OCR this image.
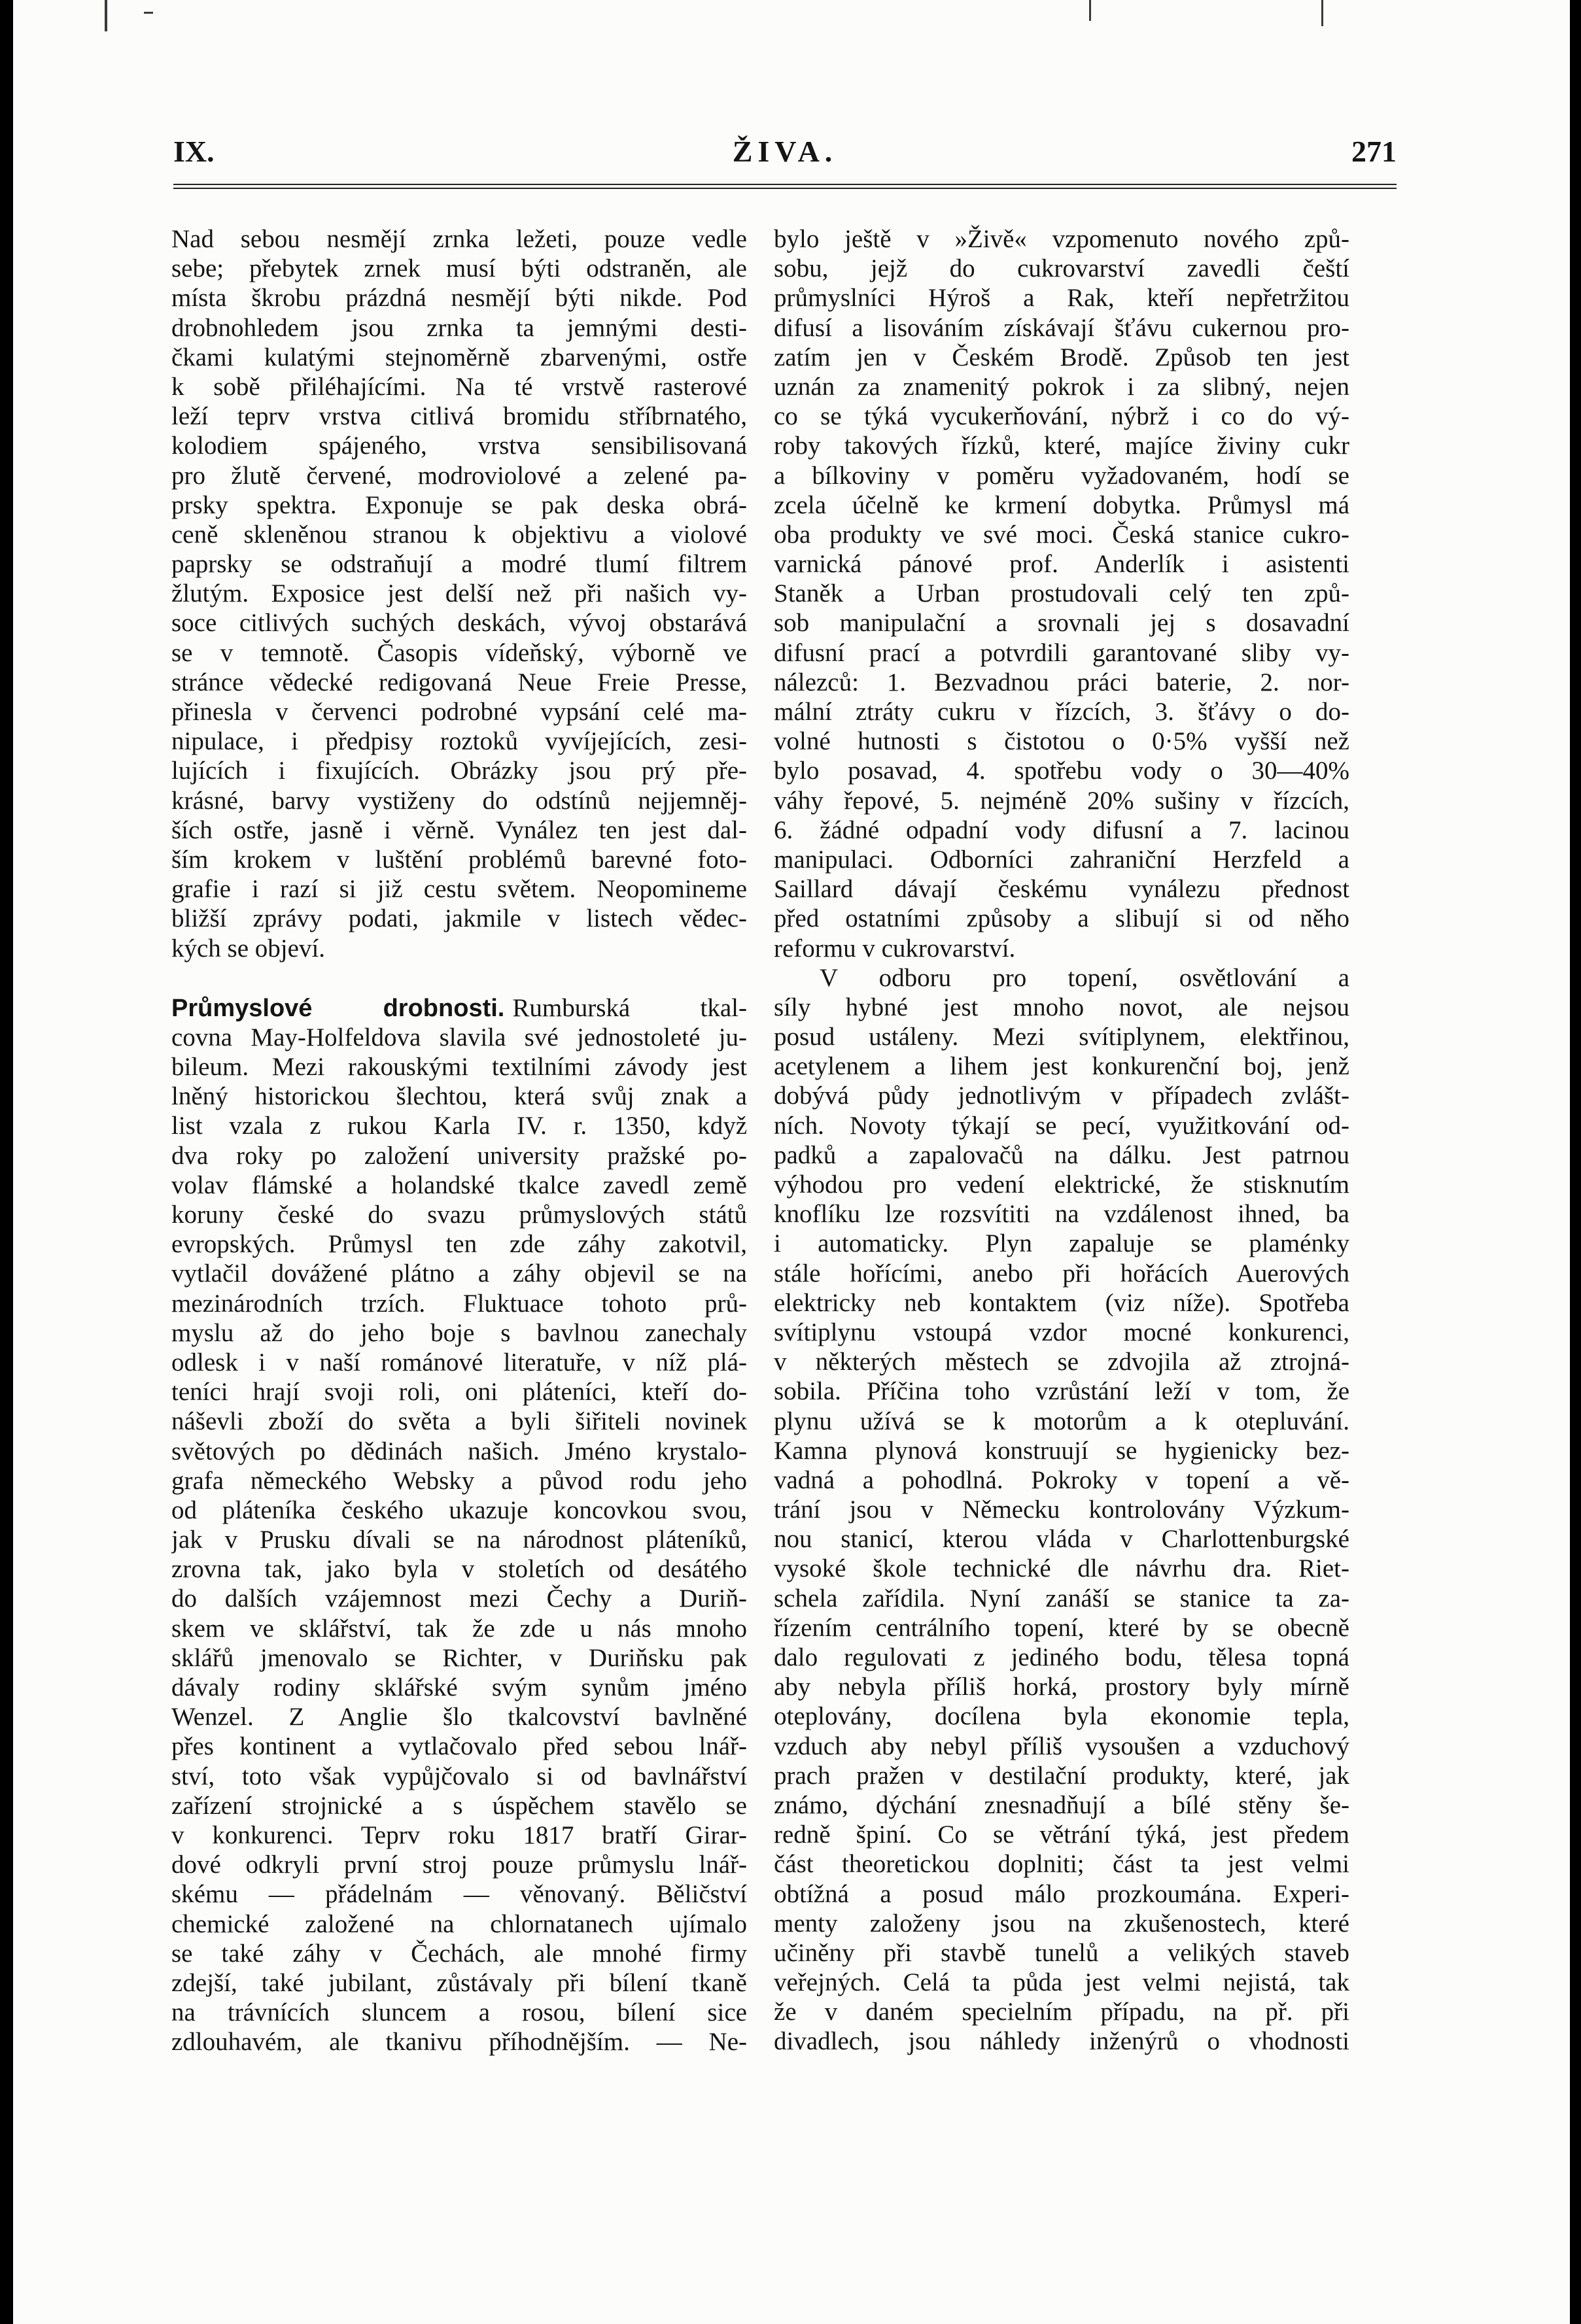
IX.	ŽIVA.	271
Nad sebou nesmějí zrnka ležeti, pouze vedle
sebe; přebytek zrnek musí býti odstraněn, ale
místa škrobu prázdná nesmějí býti nikde. Pod
drobnohledem jsou zrnka ta jemnými desti-
čkami kulatými stejnoměrně zbarvenými, ostře
k sobě přiléhajícími. Na té vrstvě rasterové
leží teprv vrstva citlivá bromidu stříbrnatého,
kolodiem spájeného, vrstva sensibilisovaná
pro žlutě červené, modroviolové a zelené pa-
prsky spektra. Exponuje se pak deska obrá-
ceně skleněnou stranou k objektivu a violové
paprsky se odstraňují a modré tlumí filtrem
žlutým. Exposice jest delší než při našich vy-
soce citlivých suchých deskách, vývoj obstarává
se v temnotě. Časopis vídeňský, výborně ve
stránce vědecké redigovaná Neue Freie Presse,
přinesla v červenci podrobné vypsání celé ma-
nipulace, i předpisy roztoků vyvíjejících, zesi-
lujících i fixujících. Obrázky jsou prý pře-
krásné, barvy vystiženy do odstínů nejjemněj-
ších ostře, jasně i věrně. Vynález ten jest dal-
ším krokem v luštění problémů barevné foto-
grafie i razí si již cestu světem. Neopomineme
bližší zprávy podati, jakmile v listech vědec-
kých se objeví.
Průmyslové drobnosti. Rumburská tkal-
covna May-Holfeldova slavila své jednostoleté ju-
bileum. Mezi rakouskými textilními závody jest
lněný historickou šlechtou, která svůj znak a
list vzala z rukou Karla IV. r. 1350, když
dva roky po založení university pražské po-
volav flámské a holandské tkalce zavedl země
koruny české do svazu průmyslových států
evropských. Průmysl ten zde záhy zakotvil,
vytlačil dovážené plátno a záhy objevil se na
mezinárodních trzích. Fluktuace tohoto prů-
myslu až do jeho boje s bavlnou zanechaly
odlesk i v naší románové literatuře, v níž plá-
teníci hrají svoji roli, oni pláteníci, kteří do-
náševli zboží do světa a byli šiřiteli novinek
světových po dědinách našich. Jméno krystalo-
grafa německého Websky a původ rodu jeho
od pláteníka českého ukazuje koncovkou svou,
jak v Prusku dívali se na národnost pláteníků,
zrovna tak, jako byla v stoletích od desátého
do dalších vzájemnost mezi Čechy a Duriň-
skem ve sklářství, tak že zde u nás mnoho
sklářů jmenovalo se Richter, v Duriňsku pak
dávaly rodiny sklářské svým synům jméno
Wenzel. Z Anglie šlo tkalcovství bavlněné
přes kontinent a vytlačovalo před sebou lnář-
ství, toto však vypůjčovalo si od bavlnářství
zařízení strojnické a s úspěchem stavělo se
v konkurenci. Teprv roku 1817 bratří Girar-
dové odkryli první stroj pouze průmyslu lnář-
skému — přádelnám — věnovaný. Běličství
chemické založené na chlornatanech ujímalo
se také záhy v Čechách, ale mnohé firmy
zdejší, také jubilant, zůstávaly při bílení tkaně
na trávnících sluncem a rosou, bílení sice
zdlouhavém, ale tkanivu příhodnějším. — Ne-
bylo ještě v »Živě« vzpomenuto nového způ-
sobu, jejž do cukrovarství zavedli čeští
průmyslníci Hýroš a Rak, kteří nepřetržitou
difusí a lisováním získávají šťávu cukernou pro-
zatím jen v Českém Brodě. Způsob ten jest
uznán za znamenitý pokrok i za slibný, nejen
co se týká vycukerňování, nýbrž i co do vý-
roby takových řízků, které, majíce živiny cukr
a bílkoviny v poměru vyžadovaném, hodí se
zcela účelně ke krmení dobytka. Průmysl má
oba produkty ve své moci. Česká stanice cukro-
varnická pánové prof. Anderlík i asistenti
Staněk a Urban prostudovali celý ten způ-
sob manipulační a srovnali jej s dosavadní
difusní prací a potvrdili garantované sliby vy-
nálezců: 1. Bezvadnou práci baterie, 2. nor-
mální ztráty cukru v řízcích, 3. šťávy o do-
volné hutnosti s čistotou o 0·5% vyšší než
bylo posavad, 4. spotřebu vody o 30—40%
váhy řepové, 5. nejméně 20% sušiny v řízcích,
6. žádné odpadní vody difusní a 7. lacinou
manipulaci. Odborníci zahraniční Herzfeld a
Saillard dávají českému vynálezu přednost
před ostatními způsoby a slibují si od něho
reformu v cukrovarství.
V odboru pro topení, osvětlování a
síly hybné jest mnoho novot, ale nejsou
posud ustáleny. Mezi svítiplynem, elektřinou,
acetylenem a lihem jest konkurenční boj, jenž
dobývá půdy jednotlivým v případech zvlášt-
ních. Novoty týkají se pecí, využitkování od-
padků a zapalovačů na dálku. Jest patrnou
výhodou pro vedení elektrické, že stisknutím
knoflíku lze rozsvítiti na vzdálenost ihned, ba
i automaticky. Plyn zapaluje se plaménky
stále hořícími, anebo při hořácích Auerových
elektricky neb kontaktem (viz níže). Spotřeba
svítiplynu vstoupá vzdor mocné konkurenci,
v některých městech se zdvojila až ztrojná-
sobila. Příčina toho vzrůstání leží v tom, že
plynu užívá se k motorům a k otepluvání.
Kamna plynová konstruují se hygienicky bez-
vadná a pohodlná. Pokroky v topení a vě-
trání jsou v Německu kontrolovány Výzkum-
nou stanicí, kterou vláda v Charlottenburgské
vysoké škole technické dle návrhu dra. Riet-
schela zařídila. Nyní zanáší se stanice ta za-
řízením centrálního topení, které by se obecně
dalo regulovati z jediného bodu, tělesa topná
aby nebyla příliš horká, prostory byly mírně
oteplovány, docílena byla ekonomie tepla,
vzduch aby nebyl příliš vysoušen a vzduchový
prach pražen v destilační produkty, které, jak
známo, dýchání znesnadňují a bílé stěny še-
redně špiní. Co se větrání týká, jest předem
část theoretickou doplniti; část ta jest velmi
obtížná a posud málo prozkoumána. Experi-
menty založeny jsou na zkušenostech, které
učiněny při stavbě tunelů a velikých staveb
veřejných. Celá ta půda jest velmi nejistá, tak
že v daném specielním případu, na př. při
divadlech, jsou náhledy inženýrů o vhodnosti
